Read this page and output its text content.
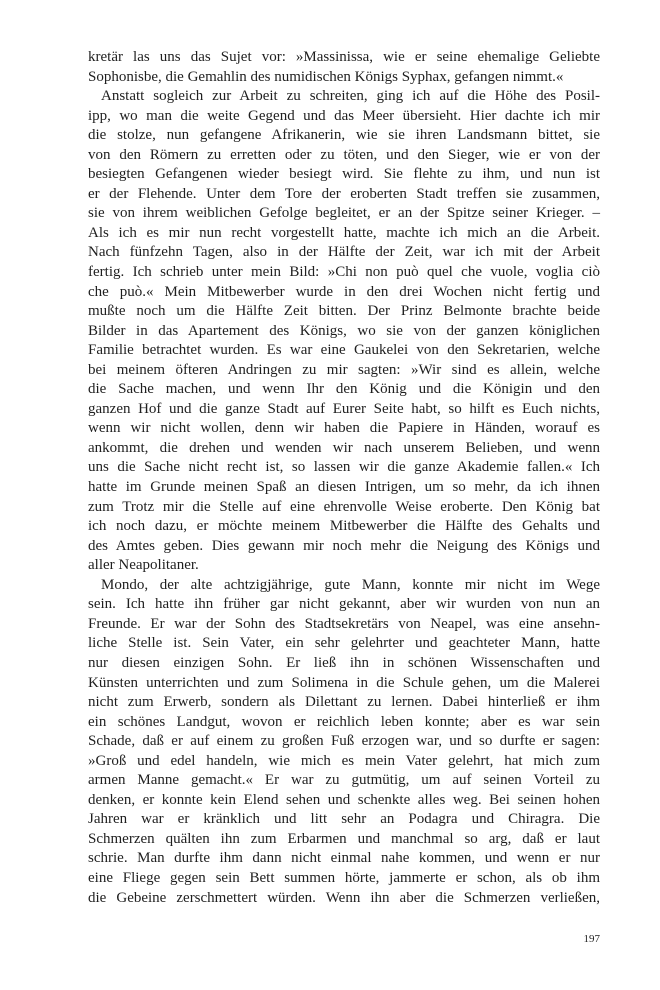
kretär las uns das Sujet vor: »Massinissa, wie er seine ehemalige Geliebte
Sophonisbe, die Gemahlin des numidischen Königs Syphax, gefangen nimmt.«
Anstatt sogleich zur Arbeit zu schreiten, ging ich auf die Höhe des Posil-
ipp, wo man die weite Gegend und das Meer übersieht. Hier dachte ich mir
die stolze, nun gefangene Afrikanerin, wie sie ihren Landsmann bittet, sie
von den Römern zu erretten oder zu töten, und den Sieger, wie er von der
besiegten Gefangenen wieder besiegt wird. Sie flehte zu ihm, und nun ist
er der Flehende. Unter dem Tore der eroberten Stadt treffen sie zusammen,
sie von ihrem weiblichen Gefolge begleitet, er an der Spitze seiner Krieger. –
Als ich es mir nun recht vorgestellt hatte, machte ich mich an die Arbeit.
Nach fünfzehn Tagen, also in der Hälfte der Zeit, war ich mit der Arbeit
fertig. Ich schrieb unter mein Bild: »Chi non può quel che vuole, voglia ciò
che può.« Mein Mitbewerber wurde in den drei Wochen nicht fertig und
mußte noch um die Hälfte Zeit bitten. Der Prinz Belmonte brachte beide
Bilder in das Apartement des Königs, wo sie von der ganzen königlichen
Familie betrachtet wurden. Es war eine Gaukelei von den Sekretarien, welche
bei meinem öfteren Andringen zu mir sagten: »Wir sind es allein, welche
die Sache machen, und wenn Ihr den König und die Königin und den
ganzen Hof und die ganze Stadt auf Eurer Seite habt, so hilft es Euch nichts,
wenn wir nicht wollen, denn wir haben die Papiere in Händen, worauf es
ankommt, die drehen und wenden wir nach unserem Belieben, und wenn
uns die Sache nicht recht ist, so lassen wir die ganze Akademie fallen.« Ich
hatte im Grunde meinen Spaß an diesen Intrigen, um so mehr, da ich ihnen
zum Trotz mir die Stelle auf eine ehrenvolle Weise eroberte. Den König bat
ich noch dazu, er möchte meinem Mitbewerber die Hälfte des Gehalts und
des Amtes geben. Dies gewann mir noch mehr die Neigung des Königs und
aller Neapolitaner.
Mondo, der alte achtzigjährige, gute Mann, konnte mir nicht im Wege
sein. Ich hatte ihn früher gar nicht gekannt, aber wir wurden von nun an
Freunde. Er war der Sohn des Stadtsekretärs von Neapel, was eine ansehn-
liche Stelle ist. Sein Vater, ein sehr gelehrter und geachteter Mann, hatte
nur diesen einzigen Sohn. Er ließ ihn in schönen Wissenschaften und
Künsten unterrichten und zum Solimena in die Schule gehen, um die Malerei
nicht zum Erwerb, sondern als Dilettant zu lernen. Dabei hinterließ er ihm
ein schönes Landgut, wovon er reichlich leben konnte; aber es war sein
Schade, daß er auf einem zu großen Fuß erzogen war, und so durfte er sagen:
»Groß und edel handeln, wie mich es mein Vater gelehrt, hat mich zum
armen Manne gemacht.« Er war zu gutmütig, um auf seinen Vorteil zu
denken, er konnte kein Elend sehen und schenkte alles weg. Bei seinen hohen
Jahren war er kränklich und litt sehr an Podagra und Chiragra. Die
Schmerzen quälten ihn zum Erbarmen und manchmal so arg, daß er laut
schrie. Man durfte ihm dann nicht einmal nahe kommen, und wenn er nur
eine Fliege gegen sein Bett summen hörte, jammerte er schon, als ob ihm
die Gebeine zerschmettert würden. Wenn ihn aber die Schmerzen verließen,
197
